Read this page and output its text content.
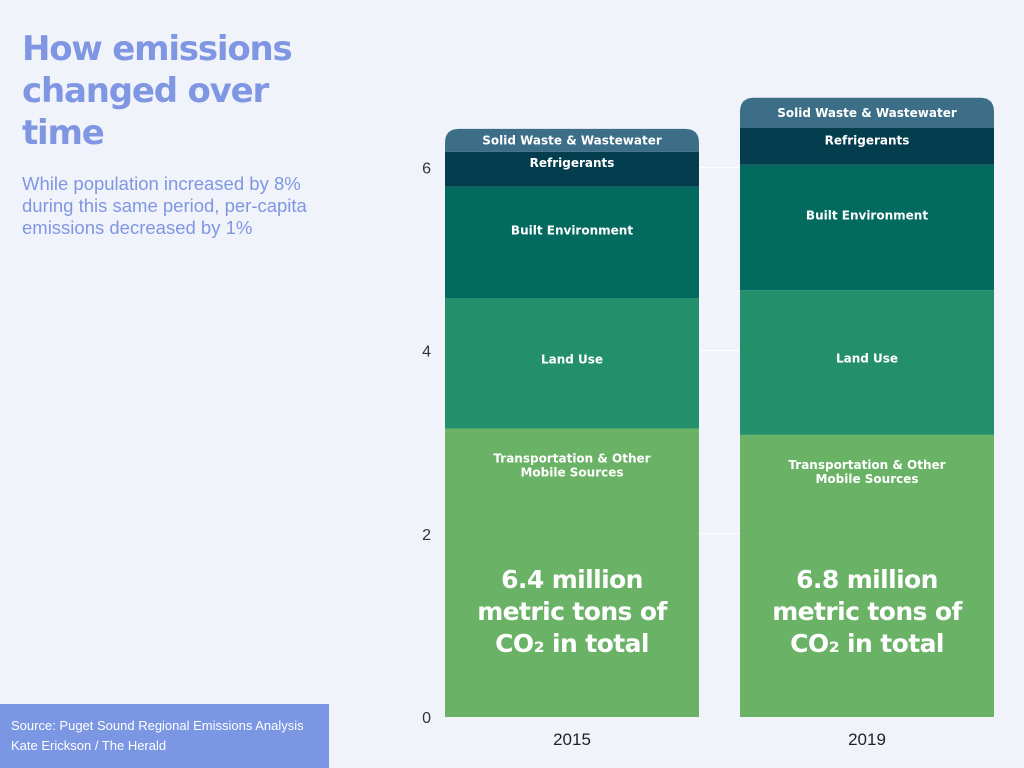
How emissions changed over time

While population increased by 8% during this same period, per-capita emissions decreased by 1%

0
2
4
6
Transportation & Other Mobile Sources
Land Use
Built Environment
Refrigerants
Solid Waste & Wastewater
6.4 million metric tons of CO₂ in total
2015
Transportation & Other Mobile Sources
Land Use
Built Environment
Refrigerants
Solid Waste & Wastewater
6.8 million metric tons of CO₂ in total
2019
Source: Puget Sound Regional Emissions Analysis
Kate Erickson / The Herald
